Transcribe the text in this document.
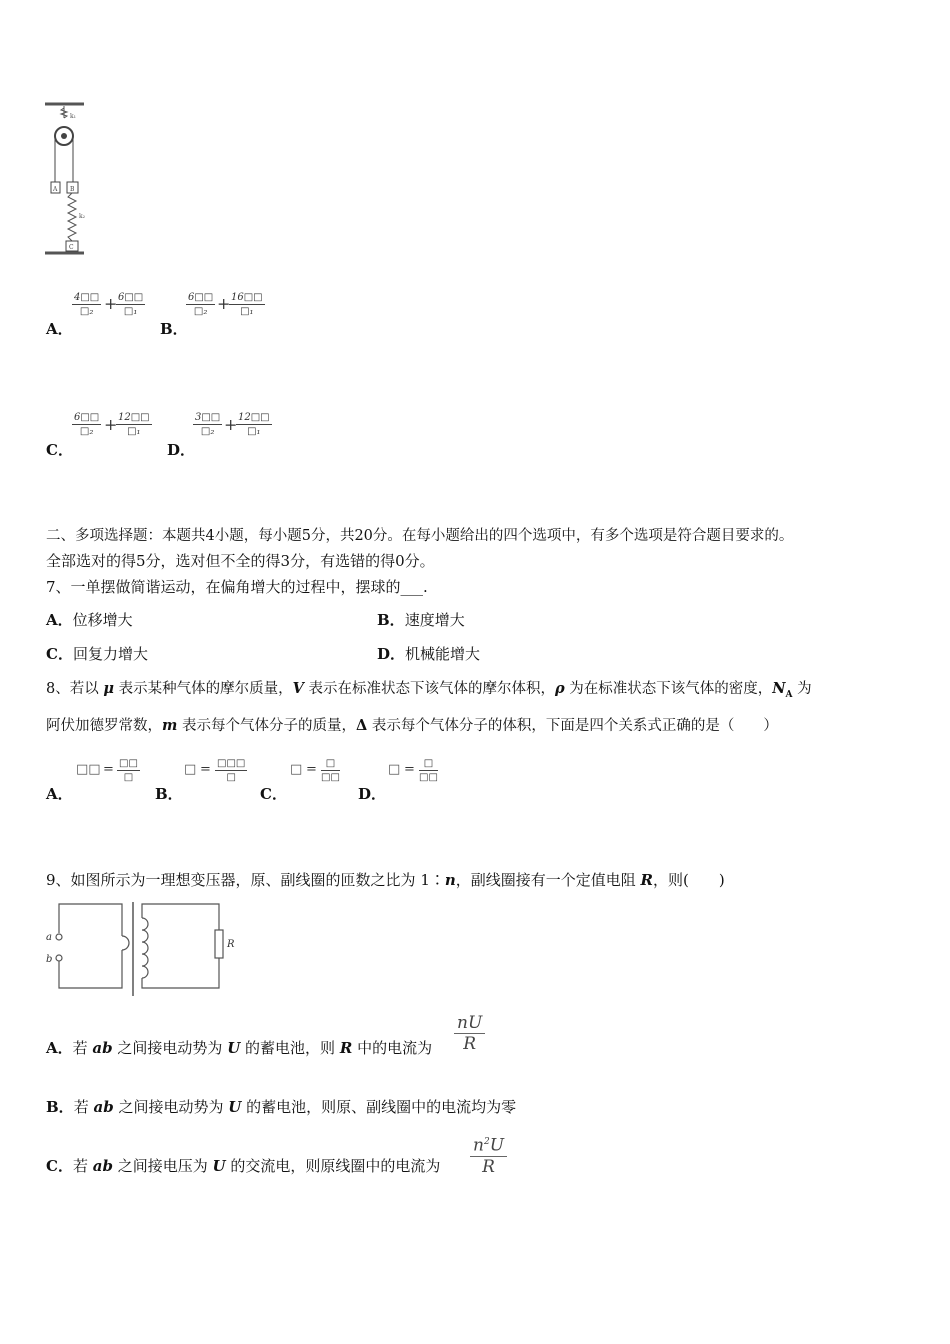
k₁
A B
k₂
C
A．
4□□
□₂ + 6□□
□₁
B．
6□□
□₂ + 16□□
□₁
C．
6□□
□₂ + 12□□
□₁
D．
3□□
□₂ + 12□□
□₁
二、多项选择题：本题共4小题，每小题5分，共20分。在每小题给出的四个选项中，有多个选项是符合题目要求的。
全部选对的得5分，选对但不全的得3分，有选错的得0分。
7、一单摆做简谐运动，在偏角增大的过程中，摆球的___.
A．位移增大	B．速度增大
C．回复力增大	D．机械能增大
8、若以 μ 表示某种气体的摩尔质量，V 表示在标准状态下该气体的摩尔体积，ρ 为在标准状态下该气体的密度，$N_A$ 为
阿伏加德罗常数，m 表示每个气体分子的质量，Δ 表示每个气体分子的体积，下面是四个关系式正确的是（　　）
A．
□□ = □□
□
B．
□ = □□□
□
C．
□ = □
□□
D．
□ = □
□□
9、如图所示为一理想变压器，原、副线圈的匝数之比为 1∶n，副线圈接有一个定值电阻 R，则(　　)
a
b
R
A．若 ab 之间接电动势为 U 的蓄电池，则 R 中的电流为
nU
R
B．若 ab 之间接电动势为 U 的蓄电池，则原、副线圈中的电流均为零
C．若 ab 之间接电压为 U 的交流电，则原线圈中的电流为
$n^2U$
R
